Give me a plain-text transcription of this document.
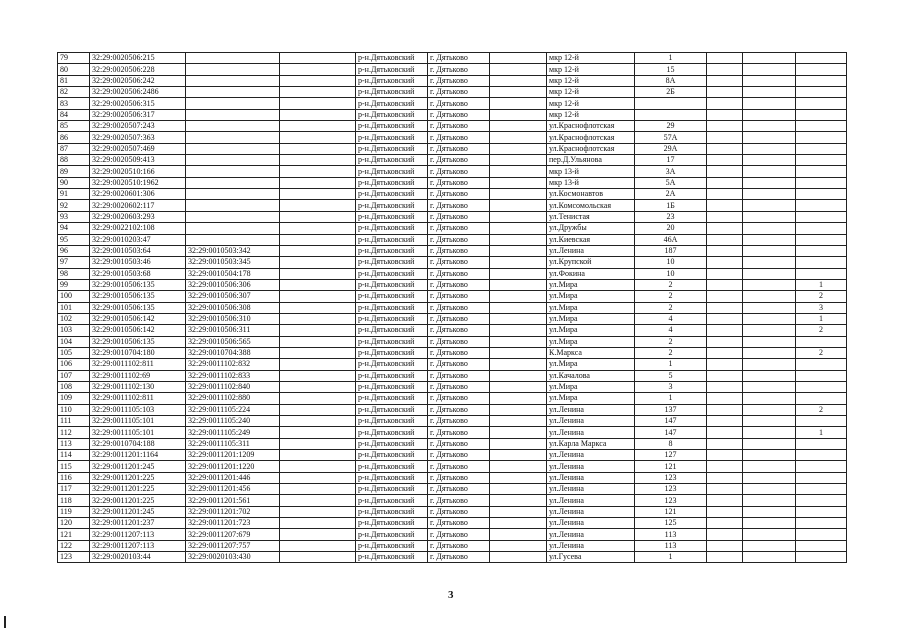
79	32:29:0020506:215			р-н.Дятьковский	г. Дятьково		мкр 12-й	1			
80	32:29:0020506:228			р-н.Дятьковский	г. Дятьково		мкр 12-й	15			
81	32:29:0020506:242			р-н.Дятьковский	г. Дятьково		мкр 12-й	8А			
82	32:29:0020506:2486			р-н.Дятьковский	г. Дятьково		мкр 12-й	2Б			
83	32:29:0020506:315			р-н.Дятьковский	г. Дятьково		мкр 12-й				
84	32:29:0020506:317			р-н.Дятьковский	г. Дятьково		мкр 12-й				
85	32:29:0020507:243			р-н.Дятьковский	г. Дятьково		ул.Краснофлотская	29			
86	32:29:0020507:363			р-н.Дятьковский	г. Дятьково		ул.Краснофлотская	57А			
87	32:29:0020507:469			р-н.Дятьковский	г. Дятьково		ул.Краснофлотская	29А			
88	32:29:0020509:413			р-н.Дятьковский	г. Дятьково		пер.Д.Ульянова	17			
89	32:29:0020510:166			р-н.Дятьковский	г. Дятьково		мкр 13-й	3А			
90	32:29:0020510:1962			р-н.Дятьковский	г. Дятьково		мкр 13-й	5А			
91	32:29:0020601:306			р-н.Дятьковский	г. Дятьково		ул.Космонавтов	2А			
92	32:29:0020602:117			р-н.Дятьковский	г. Дятьково		ул.Комсомольская	1Б			
93	32:29:0020603:293			р-н.Дятьковский	г. Дятьково		ул.Тенистая	23			
94	32:29:0022102:108			р-н.Дятьковский	г. Дятьково		ул.Дружбы	20			
95	32:29:0010203:47			р-н.Дятьковский	г. Дятьково		ул.Киевская	46А			
96	32:29:0010503:64	32:29:0010503:342		р-н.Дятьковский	г. Дятьково		ул.Ленина	187			
97	32:29:0010503:46	32:29:0010503:345		р-н.Дятьковский	г. Дятьково		ул.Крупской	10			
98	32:29:0010503:68	32:29:0010504:178		р-н.Дятьковский	г. Дятьково		ул.Фокина	10			
99	32:29:0010506:135	32:29:0010506:306		р-н.Дятьковский	г. Дятьково		ул.Мира	2			1
100	32:29:0010506:135	32:29:0010506:307		р-н.Дятьковский	г. Дятьково		ул.Мира	2			2
101	32:29:0010506:135	32:29:0010506:308		р-н.Дятьковский	г. Дятьково		ул.Мира	2			3
102	32:29:0010506:142	32:29:0010506:310		р-н.Дятьковский	г. Дятьково		ул.Мира	4			1
103	32:29:0010506:142	32:29:0010506:311		р-н.Дятьковский	г. Дятьково		ул.Мира	4			2
104	32:29:0010506:135	32:29:0010506:565		р-н.Дятьковский	г. Дятьково		ул.Мира	2			
105	32:29:0010704:180	32:29:0010704:388		р-н.Дятьковский	г. Дятьково		К.Маркса	2			2
106	32:29:0011102:811	32:29:0011102:832		р-н.Дятьковский	г. Дятьково		ул.Мира	1			
107	32:29:0011102:69	32:29:0011102:833		р-н.Дятьковский	г. Дятьково		ул.Качалова	5			
108	32:29:0011102:130	32:29:0011102:840		р-н.Дятьковский	г. Дятьково		ул.Мира	3			
109	32:29:0011102:811	32:29:0011102:880		р-н.Дятьковский	г. Дятьково		ул.Мира	1			
110	32:29:0011105:103	32:29:0011105:224		р-н.Дятьковский	г. Дятьково		ул.Ленина	137			2
111	32:29:0011105:101	32:29:0011105:240		р-н.Дятьковский	г. Дятьково		ул.Ленина	147			
112	32:29:0011105:101	32:29:0011105:249		р-н.Дятьковский	г. Дятьково		ул.Ленина	147			1
113	32:29:0010704:188	32:29:0011105:311		р-н.Дятьковский	г. Дятьково		ул.Карла Маркса	8			
114	32:29:0011201:1164	32:29:0011201:1209		р-н.Дятьковский	г. Дятьково		ул.Ленина	127			
115	32:29:0011201:245	32:29:0011201:1220		р-н.Дятьковский	г. Дятьково		ул.Ленина	121			
116	32:29:0011201:225	32:29:0011201:446		р-н.Дятьковский	г. Дятьково		ул.Ленина	123			
117	32:29:0011201:225	32:29:0011201:456		р-н.Дятьковский	г. Дятьково		ул.Ленина	123			
118	32:29:0011201:225	32:29:0011201:561		р-н.Дятьковский	г. Дятьково		ул.Ленина	123			
119	32:29:0011201:245	32:29:0011201:702		р-н.Дятьковский	г. Дятьково		ул.Ленина	121			
120	32:29:0011201:237	32:29:0011201:723		р-н.Дятьковский	г. Дятьково		ул.Ленина	125			
121	32:29:0011207:113	32:29:0011207:679		р-н.Дятьковский	г. Дятьково		ул.Ленина	113			
122	32:29:0011207:113	32:29:0011207:757		р-н.Дятьковский	г. Дятьково		ул.Ленина	113			
123	32:29:0020103:44	32:29:0020103:430		р-н.Дятьковский	г. Дятьково		ул.Гусева	1			
3
